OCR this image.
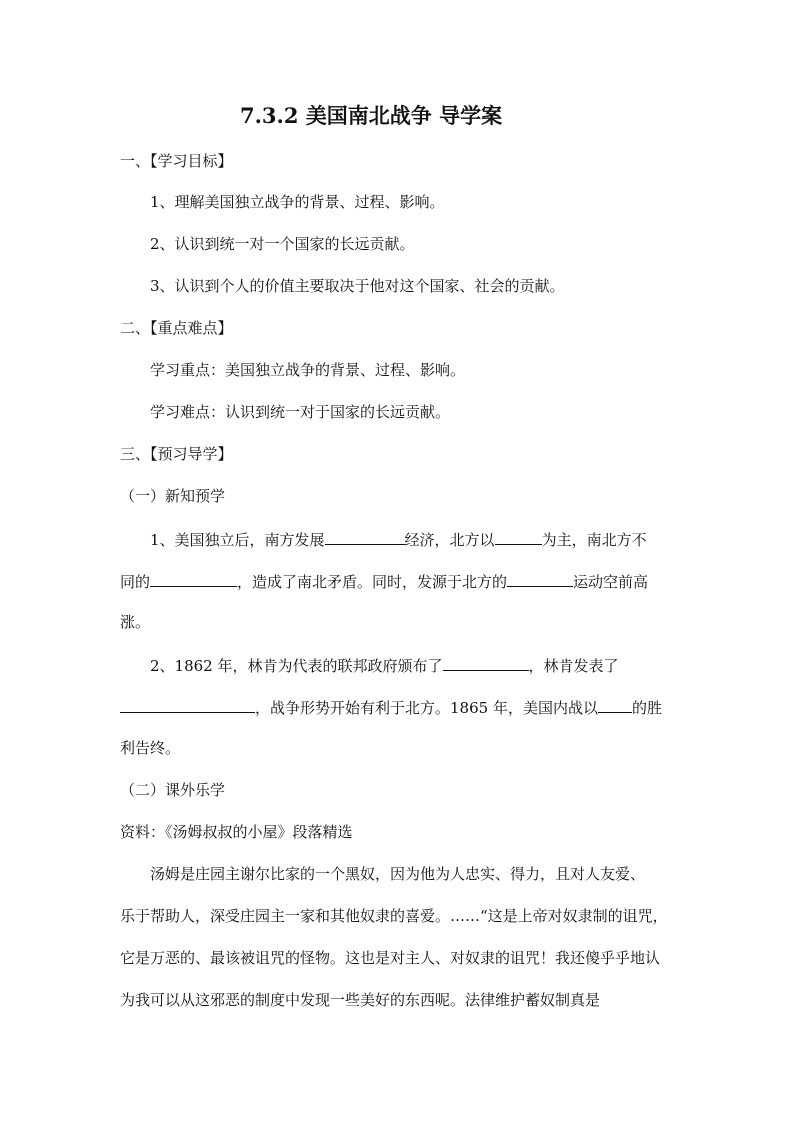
7.3.2 美国南北战争 导学案
一、【学习目标】
1、理解美国独立战争的背景、过程、影响。
2、认识到统一对一个国家的长远贡献。
3、认识到个人的价值主要取决于他对这个国家、社会的贡献。
二、【重点难点】
学习重点：美国独立战争的背景、过程、影响。
学习难点：认识到统一对于国家的长远贡献。
三、【预习导学】
（一）新知预学
1、美国独立后，南方发展	经济，北方以	为主，南北方不
同的	，造成了南北矛盾。同时，发源于北方的	运动空前高
涨。
2、1862 年，林肯为代表的联邦政府颁布了	，林肯发表了
，战争形势开始有利于北方。1865 年，美国内战以 的胜
利告终。
（二）课外乐学
资料：《汤姆叔叔的小屋》段落精选
汤姆是庄园主谢尔比家的一个黑奴，因为他为人忠实、得力，且对人友爱、
乐于帮助人，深受庄园主一家和其他奴隶的喜爱。……“这是上帝对奴隶制的诅咒，
它是万恶的、最该被诅咒的怪物。这也是对主人、对奴隶的诅咒！我还傻乎乎地认
为我可以从这邪恶的制度中发现一些美好的东西呢。法律维护蓄奴制真是
